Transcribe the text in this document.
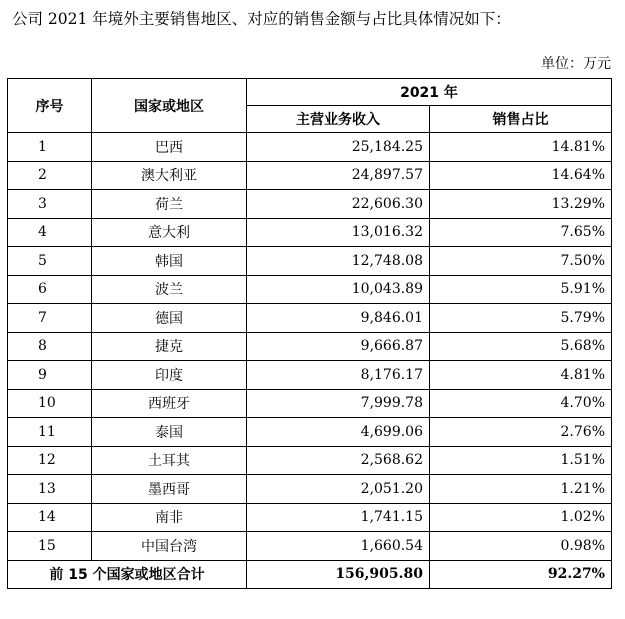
公司 2021 年境外主要销售地区、对应的销售金额与占比具体情况如下：
单位：万元
序号	国家或地区	2021 年	
		主营业务收入	销售占比
1	巴西	25,184.25	14.81%
2	澳大利亚	24,897.57	14.64%
3	荷兰	22,606.30	13.29%
4	意大利	13,016.32	7.65%
5	韩国	12,748.08	7.50%
6	波兰	10,043.89	5.91%
7	德国	9,846.01	5.79%
8	捷克	9,666.87	5.68%
9	印度	8,176.17	4.81%
10	西班牙	7,999.78	4.70%
11	泰国	4,699.06	2.76%
12	土耳其	2,568.62	1.51%
13	墨西哥	2,051.20	1.21%
14	南非	1,741.15	1.02%
15	中国台湾	1,660.54	0.98%
前 15 个国家或地区合计		156,905.80	92.27%
